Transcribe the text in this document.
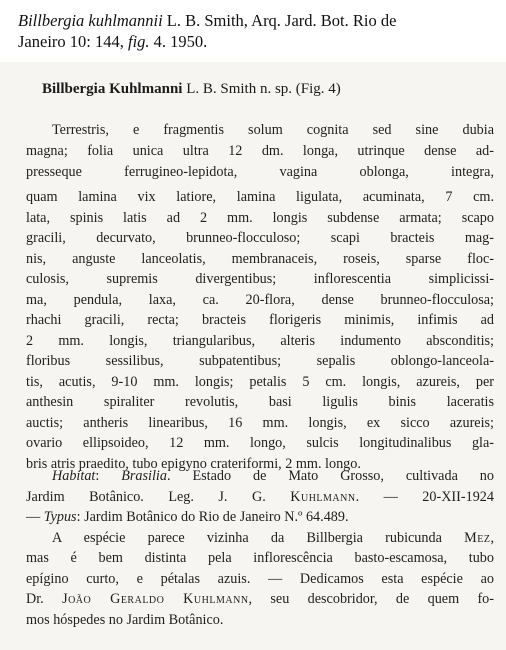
Billbergia kuhlmannii L. B. Smith, Arq. Jard. Bot. Rio de
Janeiro 10: 144, fig. 4. 1950.
Billbergia Kuhlmanni L. B. Smith n. sp. (Fig. 4)
Terrestris, e fragmentis solum cognita sed sine dubia
magna; folia unica ultra 12 dm. longa, utrinque dense ad-
presseque ferrugineo-lepidota, vagina oblonga, integra,
quam lamina vix latiore, lamina ligulata, acuminata, 7 cm.
lata, spinis latis ad 2 mm. longis subdense armata; scapo
gracili, decurvato, brunneo-flocculoso; scapi bracteis mag-
nis, anguste lanceolatis, membranaceis, roseis, sparse floc-
culosis, supremis divergentibus; inflorescentia simplicissi-
ma, pendula, laxa, ca. 20-flora, dense brunneo-flocculosa;
rhachi gracili, recta; bracteis florigeris minimis, infimis ad
2 mm. longis, triangularibus, alteris indumento absconditis;
floribus sessilibus, subpatentibus; sepalis oblongo-lanceola-
tis, acutis, 9-10 mm. longis; petalis 5 cm. longis, azureis, per
anthesin spiraliter revolutis, basi ligulis binis laceratis
auctis; antheris linearibus, 16 mm. longis, ex sicco azureis;
ovario ellipsoideo, 12 mm. longo, sulcis longitudinalibus gla-
bris atris praedito, tubo epigyno crateriformi, 2 mm. longo.
Habitat: Brasilia. Estado de Mato Grosso, cultivada no
Jardim Botânico. Leg. J. G. Kuhlmann. — 20-XII-1924
— Typus: Jardim Botânico do Rio de Janeiro N.º 64.489.
A espécie parece vizinha da Billbergia rubicunda Mez,
mas é bem distinta pela inflorescência basto-escamosa, tubo
epígino curto, e pétalas azuis. — Dedicamos esta espécie ao
Dr. João Geraldo Kuhlmann, seu descobridor, de quem fo-
mos hóspedes no Jardim Botânico.
